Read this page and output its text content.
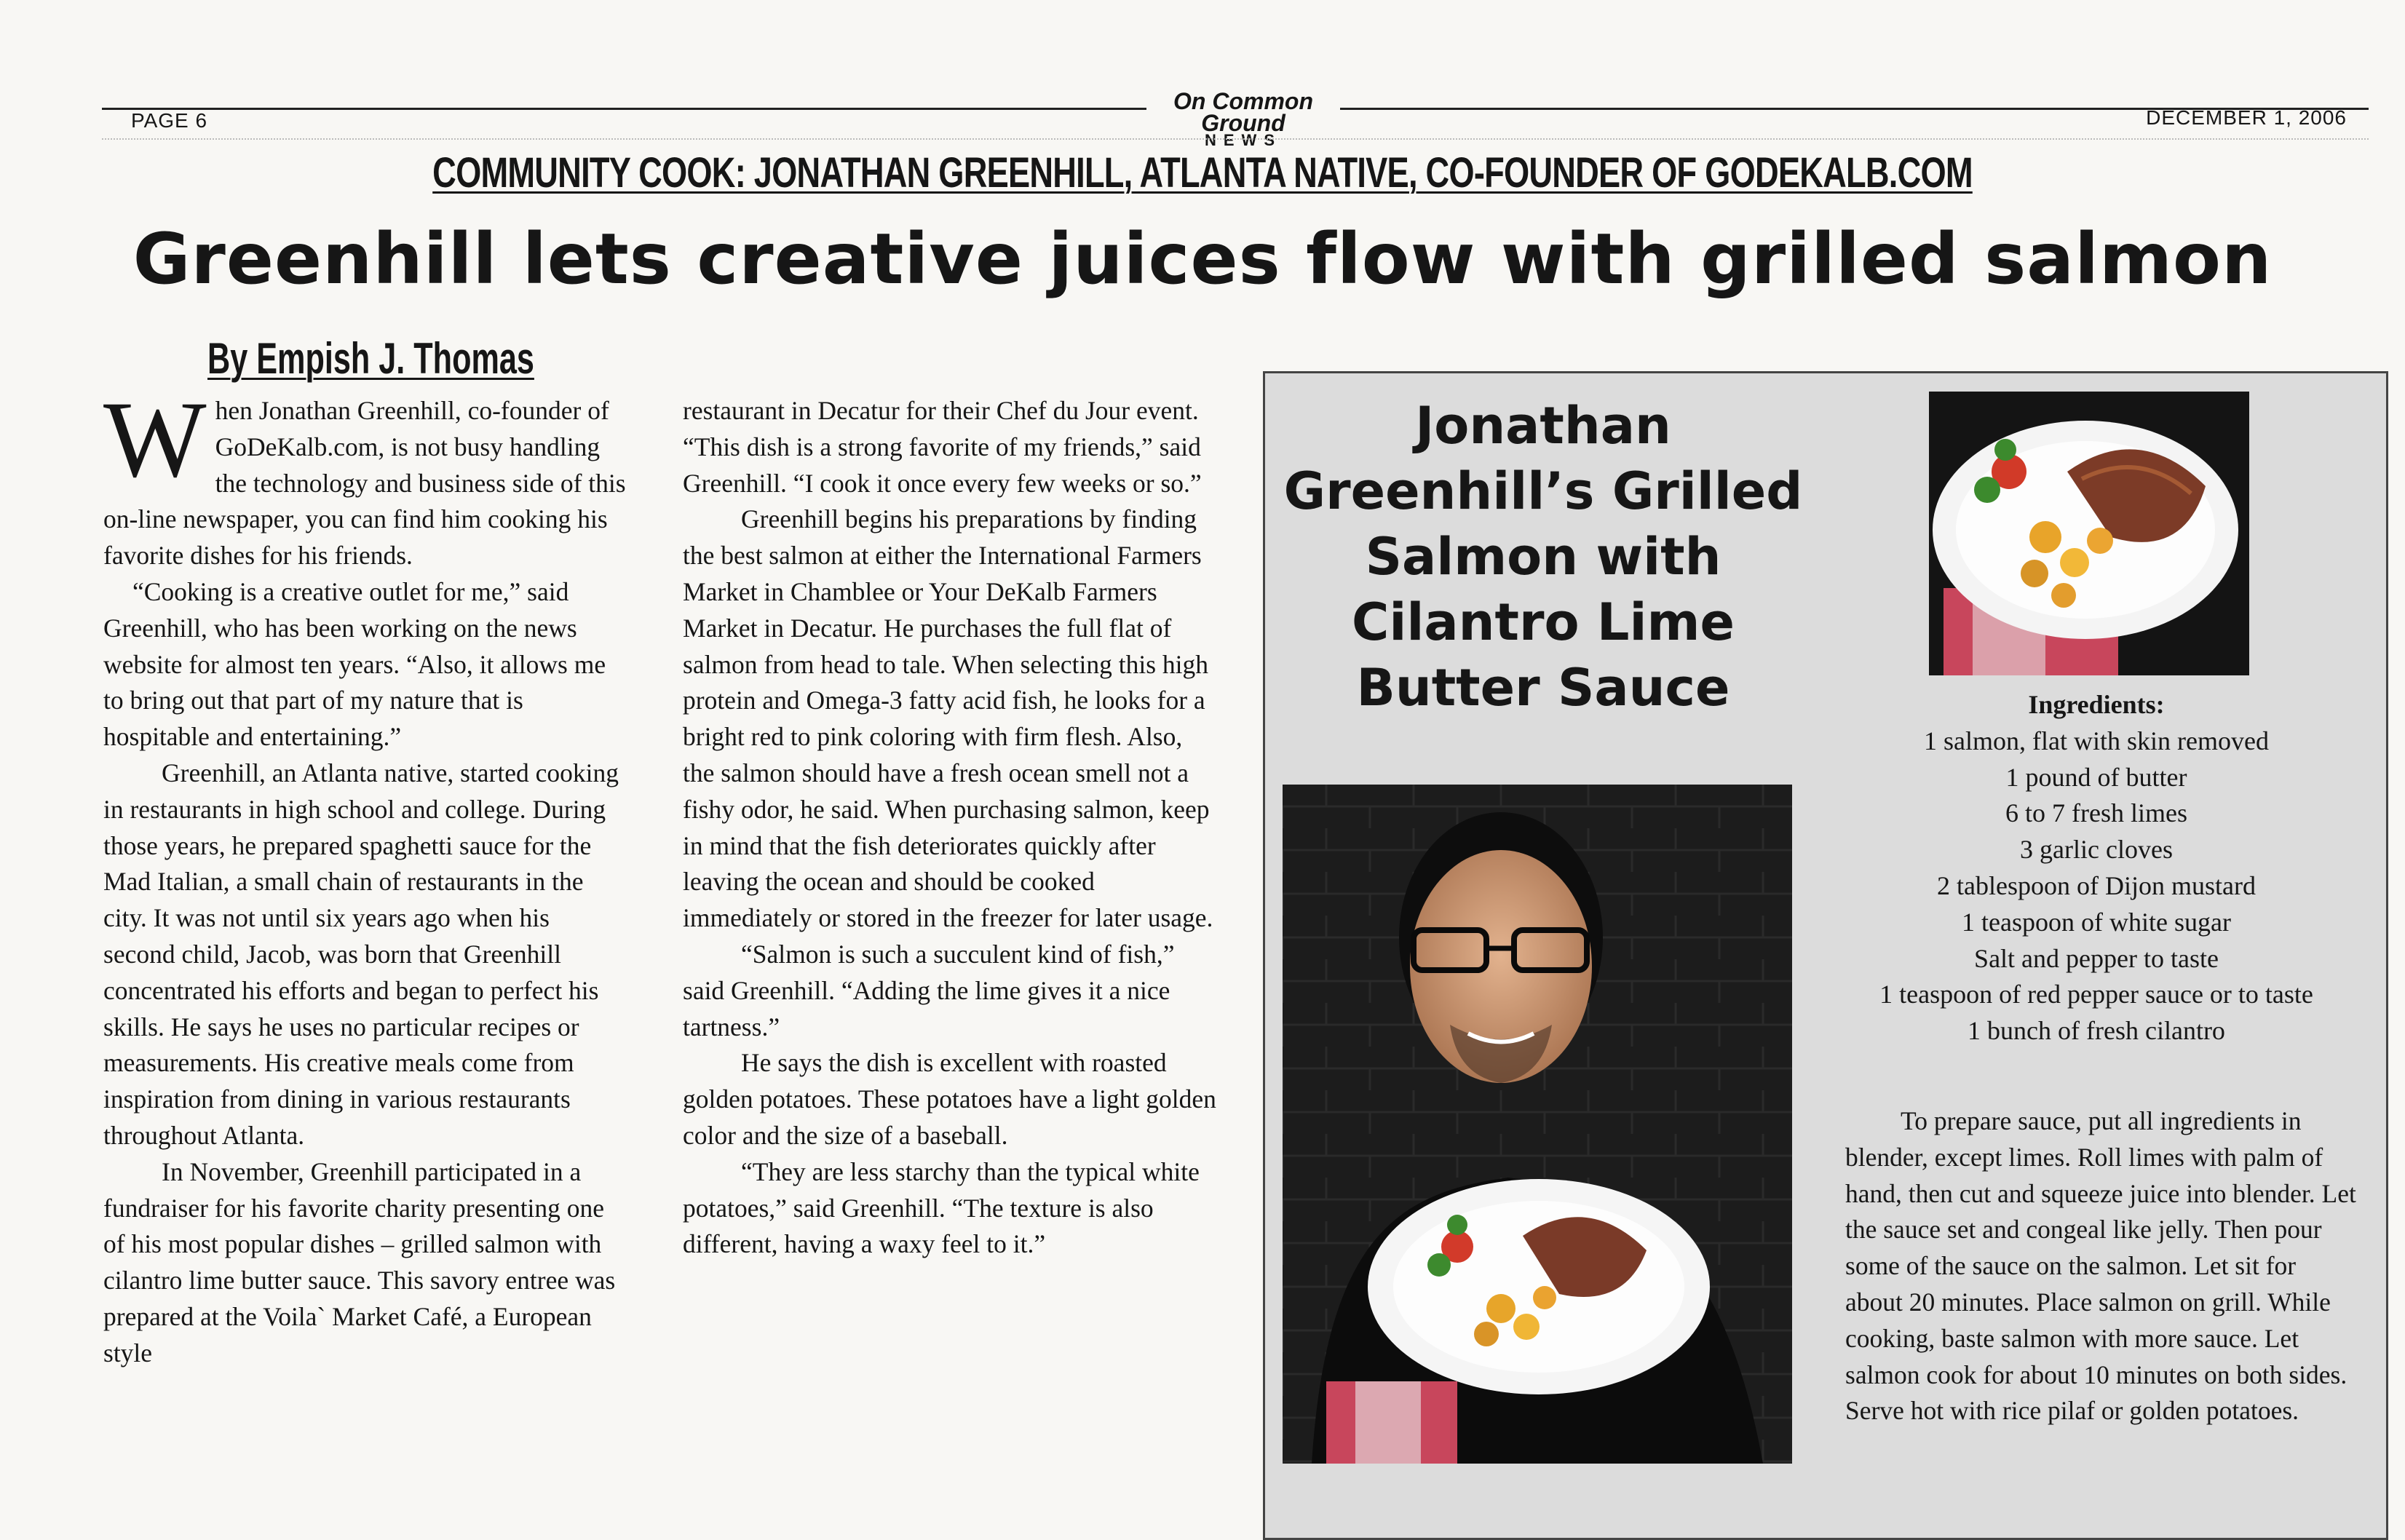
PAGE 6
On Common Ground
NEWS
DECEMBER 1, 2006
COMMUNITY COOK: JONATHAN GREENHILL, ATLANTA NATIVE, CO-FOUNDER OF GODEKALB.COM
Greenhill lets creative juices flow with grilled salmon
By Empish J. Thomas

When Jonathan Greenhill, co-founder of GoDeKalb.com, is not busy handling the technology and business side of this on-line newspaper, you can find him cooking his favorite dishes for his friends.

“Cooking is a creative outlet for me,” said Greenhill, who has been working on the news website for almost ten years. “Also, it allows me to bring out that part of my nature that is hospitable and entertaining.”

Greenhill, an Atlanta native, started cooking in restaurants in high school and college. During those years, he prepared spaghetti sauce for the Mad Italian, a small chain of restaurants in the city. It was not until six years ago when his second child, Jacob, was born that Greenhill concentrated his efforts and began to perfect his skills. He says he uses no particular recipes or measurements. His creative meals come from inspiration from dining in various restaurants throughout Atlanta.

In November, Greenhill participated in a fundraiser for his favorite charity presenting one of his most popular dishes – grilled salmon with cilantro lime butter sauce. This savory entree was prepared at the Voila` Market Café, a European style

restaurant in Decatur for their Chef du Jour event.

“This dish is a strong favorite of my friends,” said Greenhill. “I cook it once every few weeks or so.”

Greenhill begins his preparations by finding the best salmon at either the International Farmers Market in Chamblee or Your DeKalb Farmers Market in Decatur. He purchases the full flat of salmon from head to tale. When selecting this high protein and Omega-3 fatty acid fish, he looks for a bright red to pink coloring with firm flesh. Also, the salmon should have a fresh ocean smell not a fishy odor, he said. When purchasing salmon, keep in mind that the fish deteriorates quickly after leaving the ocean and should be cooked immediately or stored in the freezer for later usage.

“Salmon is such a succulent kind of fish,” said Greenhill. “Adding the lime gives it a nice tartness.”

He says the dish is excellent with roasted golden potatoes. These potatoes have a light golden color and the size of a baseball.

“They are less starchy than the typical white potatoes,” said Greenhill. “The texture is also different, having a waxy feel to it.”

Jonathan
Greenhill’s Grilled
Salmon with
Cilantro Lime
Butter Sauce	Ingredients:
1 salmon, flat with skin removed
1 pound of butter
6 to 7 fresh limes
3 garlic cloves
2 tablespoon of Dijon mustard
1 teaspoon of white sugar
Salt and pepper to taste
1 teaspoon of red pepper sauce or to taste
1 bunch of fresh cilantro

To prepare sauce, put all ingredients in blender, except limes. Roll limes with palm of hand, then cut and squeeze juice into blender. Let the sauce set and congeal like jelly. Then pour some of the sauce on the salmon. Let sit for about 20 minutes. Place salmon on grill. While cooking, baste salmon with more sauce. Let salmon cook for about 10 minutes on both sides. Serve hot with rice pilaf or golden potatoes.
